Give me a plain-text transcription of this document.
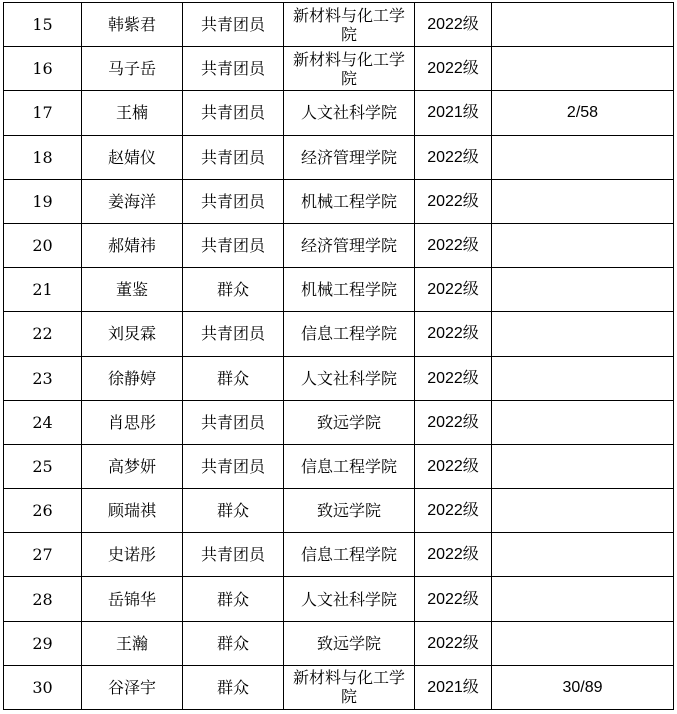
15	韩紫君	共青团员	新材料与化工学院	2022级	
16	马子岳	共青团员	新材料与化工学院	2022级	
17	王楠	共青团员	人文社科学院	2021级	2/58
18	赵婧仪	共青团员	经济管理学院	2022级	
19	姜海洋	共青团员	机械工程学院	2022级	
20	郝婧祎	共青团员	经济管理学院	2022级	
21	董鉴	群众	机械工程学院	2022级	
22	刘炅霖	共青团员	信息工程学院	2022级	
23	徐静婷	群众	人文社科学院	2022级	
24	肖思彤	共青团员	致远学院	2022级	
25	高梦妍	共青团员	信息工程学院	2022级	
26	顾瑞祺	群众	致远学院	2022级	
27	史诺彤	共青团员	信息工程学院	2022级	
28	岳锦华	群众	人文社科学院	2022级	
29	王瀚	群众	致远学院	2022级	
30	谷泽宇	群众	新材料与化工学院	2021级	30/89
